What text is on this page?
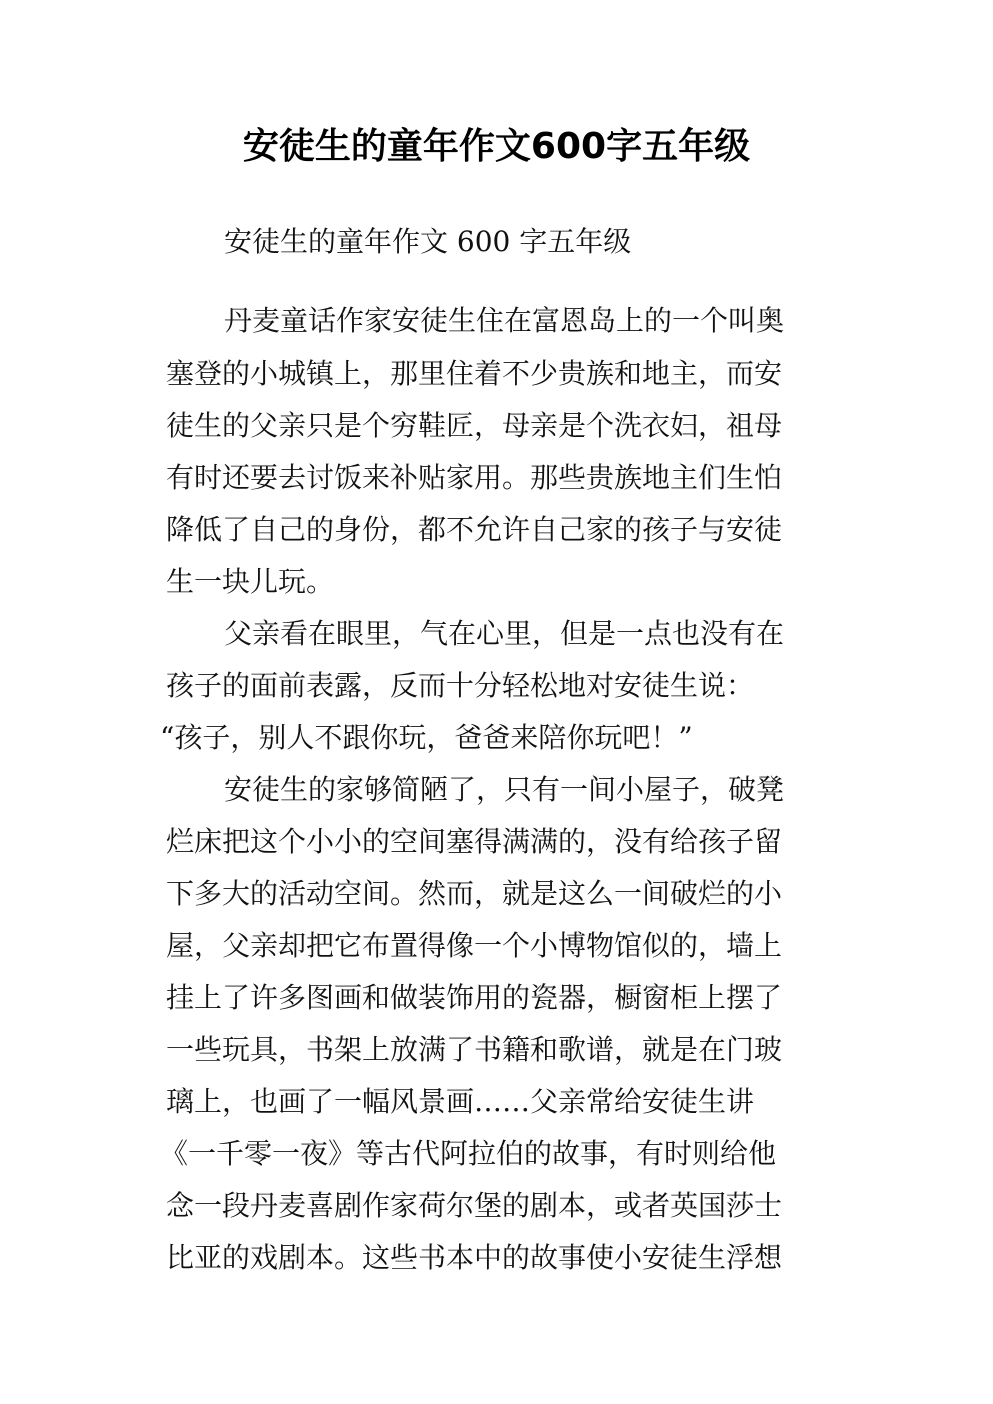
安徒生的童年作文600字五年级
安徒生的童年作文 600 字五年级
丹麦童话作家安徒生住在富恩岛上的一个叫奥
塞登的小城镇上，那里住着不少贵族和地主，而安
徒生的父亲只是个穷鞋匠，母亲是个洗衣妇，祖母
有时还要去讨饭来补贴家用。那些贵族地主们生怕
降低了自己的身份，都不允许自己家的孩子与安徒
生一块儿玩。
父亲看在眼里，气在心里，但是一点也没有在
孩子的面前表露，反而十分轻松地对安徒生说：
“孩子，别人不跟你玩，爸爸来陪你玩吧！”
安徒生的家够简陋了，只有一间小屋子，破凳
烂床把这个小小的空间塞得满满的，没有给孩子留
下多大的活动空间。然而，就是这么一间破烂的小
屋，父亲却把它布置得像一个小博物馆似的，墙上
挂上了许多图画和做装饰用的瓷器，橱窗柜上摆了
一些玩具，书架上放满了书籍和歌谱，就是在门玻
璃上，也画了一幅风景画……父亲常给安徒生讲
《一千零一夜》等古代阿拉伯的故事，有时则给他
念一段丹麦喜剧作家荷尔堡的剧本，或者英国莎士
比亚的戏剧本。这些书本中的故事使小安徒生浮想
